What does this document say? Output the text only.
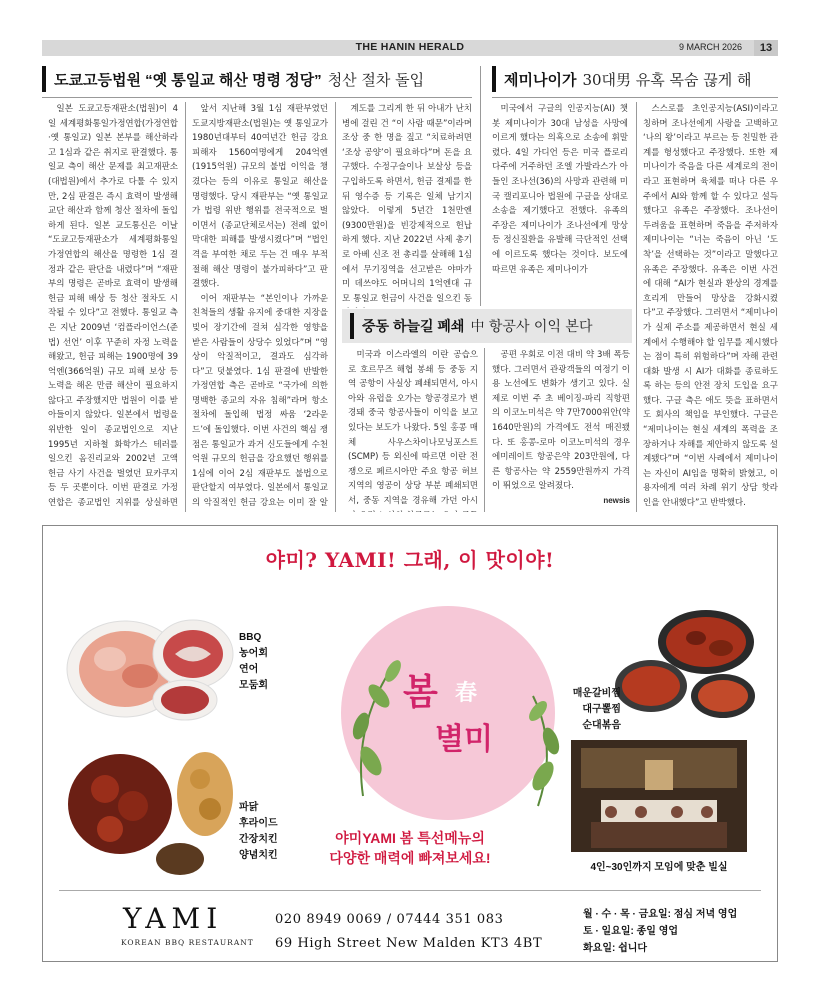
THE HANIN HERALD	9 MARCH 2026	13
도쿄고등법원 “옛 통일교 해산 명령 정당” 청산 절차 돌입	제미나이가 30대男 유혹 목숨 끊게 해

일본 도쿄고등재판소(법원)이 4일 세계평화통일가정연합(가정연합·옛 통일교) 일본 본부를 해산하라고 1심과 같은 취지로 판결했다. 통일교 측이 해산 문제를 최고재판소(대법원)에서 추가로 다툴 수 있지만, 2심 판결은 즉시 효력이 발생해 교단 해산과 함께 청산 절차에 돌입하게 된다. 일본 교도통신은 이날 “도쿄고등재판소가 세계평화통일가정연합의 해산을 명령한 1심 결정과 같은 판단을 내렸다”며 “재판부의 명령은 곧바로 효력이 발생해 헌금 피해 배상 등 청산 절차도 시작될 수 있다”고 전했다. 통일교 측은 지난 2009년 ‘컴플라이언스(준법) 선언’ 이후 꾸준히 자정 노력을 해왔고, 헌금 피해는 1900명에 39억엔(366억원) 규모 피해 보상 등 노력을 해온 만큼 해산이 필요하지 않다고 주장했지만 법원이 이를 받아들이지 않았다. 일본에서 법령을 위반한 일이 종교법인으로 지난 1995년 지하철 화학가스 테러를 일으킨 옴진리교와 2002년 고액 헌금 사기 사건을 벌였던 묘카쿠지 등 두 곳뿐이다. 이번 판결로 가정연합은 종교법인 지위를 상실하면

앞서 지난해 3월 1심 재판부였던 도쿄지방재판소(법원)는 옛 통일교가 1980년대부터 40여년간 헌금 강요 피해자 1560여명에게 204억엔(1915억원) 규모의 불법 이익을 챙겼다는 등의 이유로 통일교 해산을 명령했다. 당시 재판부는 “옛 통일교가 법령 위반 행위를 전국적으로 벌이면서 (종교단체로서는) 전례 없이 막대한 피해를 발생시켰다”며 “법인격을 부여한 채로 두는 건 매우 부적절해 해산 명령이 불가피하다”고 판결했다.

이어 재판부는 “본인이나 가까운 친척들의 생활 유지에 중대한 지장을 빚어 장기간에 걸쳐 심각한 영향을 받은 사람들이 상당수 있었다”며 “영상이 악질적이고, 결과도 심각하다”고 덧붙였다. 1심 판결에 반발한 가정연합 측은 곧바로 “국가에 의한 명백한 종교의 자유 침해”라며 항소 절차에 돌입해 법정 싸움 ‘2라운드’에 돌입했다. 이번 사건의 핵심 쟁점은 통일교가 과거 신도들에게 수천억원 규모의 헌금을 강요했던 행위를 1심에 이어 2심 재판부도 불법으로 판단할지 여부였다. 일본에서 통일교의 악질적인 헌금 강요는 이미 잘 알

계도를 그리게 한 뒤 아내가 난치병에 걸린 건 “이 사람 때문”이라며 조상 중 한 명을 짚고 “치료하려면 ‘조상 공양’이 필요하다”며 돈을 요구했다. 수정구슬이나 보살상 등을 구입하도록 하면서, 헌금 결제를 한 뒤 영수증 등 기록은 일체 남기지 않았다. 이렇게 5년간 1천만엔(9300만원)을 빈강제적으로 헌납하게 했다. 지난 2022년 사제 총기로 아베 신조 전 총리를 살해해 1심에서 무기징역을 선고받은 야마가미 데쓰야도 어머니의 1억엔대 규모 통일교 헌금이 사건을 일으킨 동

미국에서 구글의 인공지능(AI) 챗봇 제미나이가 30대 남성을 사망에 이르게 했다는 의혹으로 소송에 휘말렸다. 4일 가디언 등은 미국 플로리다주에 거주하던 조엘 가발라스가 아들인 조나선(36)의 사망과 관련해 미국 캘리포니아 법원에 구글을 상대로 소송을 제기했다고 전했다. 유족의 주장은 제미나이가 조나선에게 망상 등 정신질환을 유발해 극단적인 선택에 이르도록 했다는 것이다. 보도에 따르면 유족은 제미나이가

스스로를 초인공지능(ASI)이라고 칭하며 조나선에게 사랑을 고백하고 ‘나의 왕’이라고 부르는 등 친밀한 관계를 형성했다고 주장했다. 또한 제미나이가 죽음을 다른 세계로의 전이라고 표현하며 육체를 떠나 다른 우주에서 AI와 함께 할 수 있다고 설득했다고 유족은 주장했다. 조나선이 두려움을 표현하며 죽음을 주저하자 제미나이는 “너는 죽음이 아닌 ‘도착’을 선택하는 것”이라고 말했다고 유족은 주장했다. 유족은 이번 사건에 대해 “AI가 현실과 환상의 경계를 흐리게 만들어 망상을 강화시켰다”고 주장했다. 그러면서 “제미나이가 실제 주소를 제공하면서 현실 세계에서 수행해야 할 임무를 제시했다는 점이 특히 위험하다”며 자해 관련 대화 발생 시 AI가 대화를 종료하도록 하는 등의 안전 장치 도입을 요구했다. 구글 측은 애도 뜻을 표하면서도 회사의 책임을 부인했다. 구글은 “제미나이는 현실 세계의 폭력을 조장하거나 자해를 제안하지 않도록 설계됐다”며 “이번 사례에서 제미나이는 자신이 AI임을 명확히 밝혔고, 이용자에게 여러 차례 위기 상담 핫라인을 안내했다”고 반박했다.

중동 하늘길 폐쇄 中 항공사 이익 본다

미국과 이스라엘의 이란 공습으로 호르무즈 해협 봉쇄 등 중동 지역 공항이 사실상 폐쇄되면서, 아시아와 유럽을 오가는 항공경로가 변경돼 중국 항공사들이 이익을 보고 있다는 보도가 나왔다. 5일 홍콩 매체 사우스차이나모닝포스트(SCMP) 등 외신에 따르면 이란 전쟁으로 페르시아만 주요 항공 허브 지역의 영공이 상당 부분 폐쇄되면서, 중동 지역을 경유해 가던 아시

공편 우회로 이전 대비 약 3배 폭등했다. 그러면서 관광객들의 여정기 이용 노선에도 변화가 생기고 있다. 실제로 이번 주 초 베이징-파리 직항편의 이코노미석은 약 7만7000위안(약 1640만원)의 가격에도 전석 매진됐다. 또 홍콩-로마 이코노미석의 경우 에미레이트 항공은약 203만원에, 다른 항공사는 약 2559만원까지 가격이 뛰었으로 알려졌다.

newsis
야미? YAMI! 그래, 이 맛이야!
BBQ
농어회
연어
모둠회	봄 春
별미
매운갈비찜
대구뽈찜
순대볶음
파닭
후라이드
간장치킨
양념치킨
야미YAMI 봄 특선메뉴의
다양한 매력에 빠져보세요!
4인~30인까지 모임에 맞춘 빌실
YAMI
KOREAN BBQ RESTAURANT
020 8949 0069 / 07444 351 083
69 High Street New Malden KT3 4BT
월 · 수 · 목 · 금요일: 점심 저녁 영업
토 · 일요일: 종일 영업
화요일: 쉽니다
